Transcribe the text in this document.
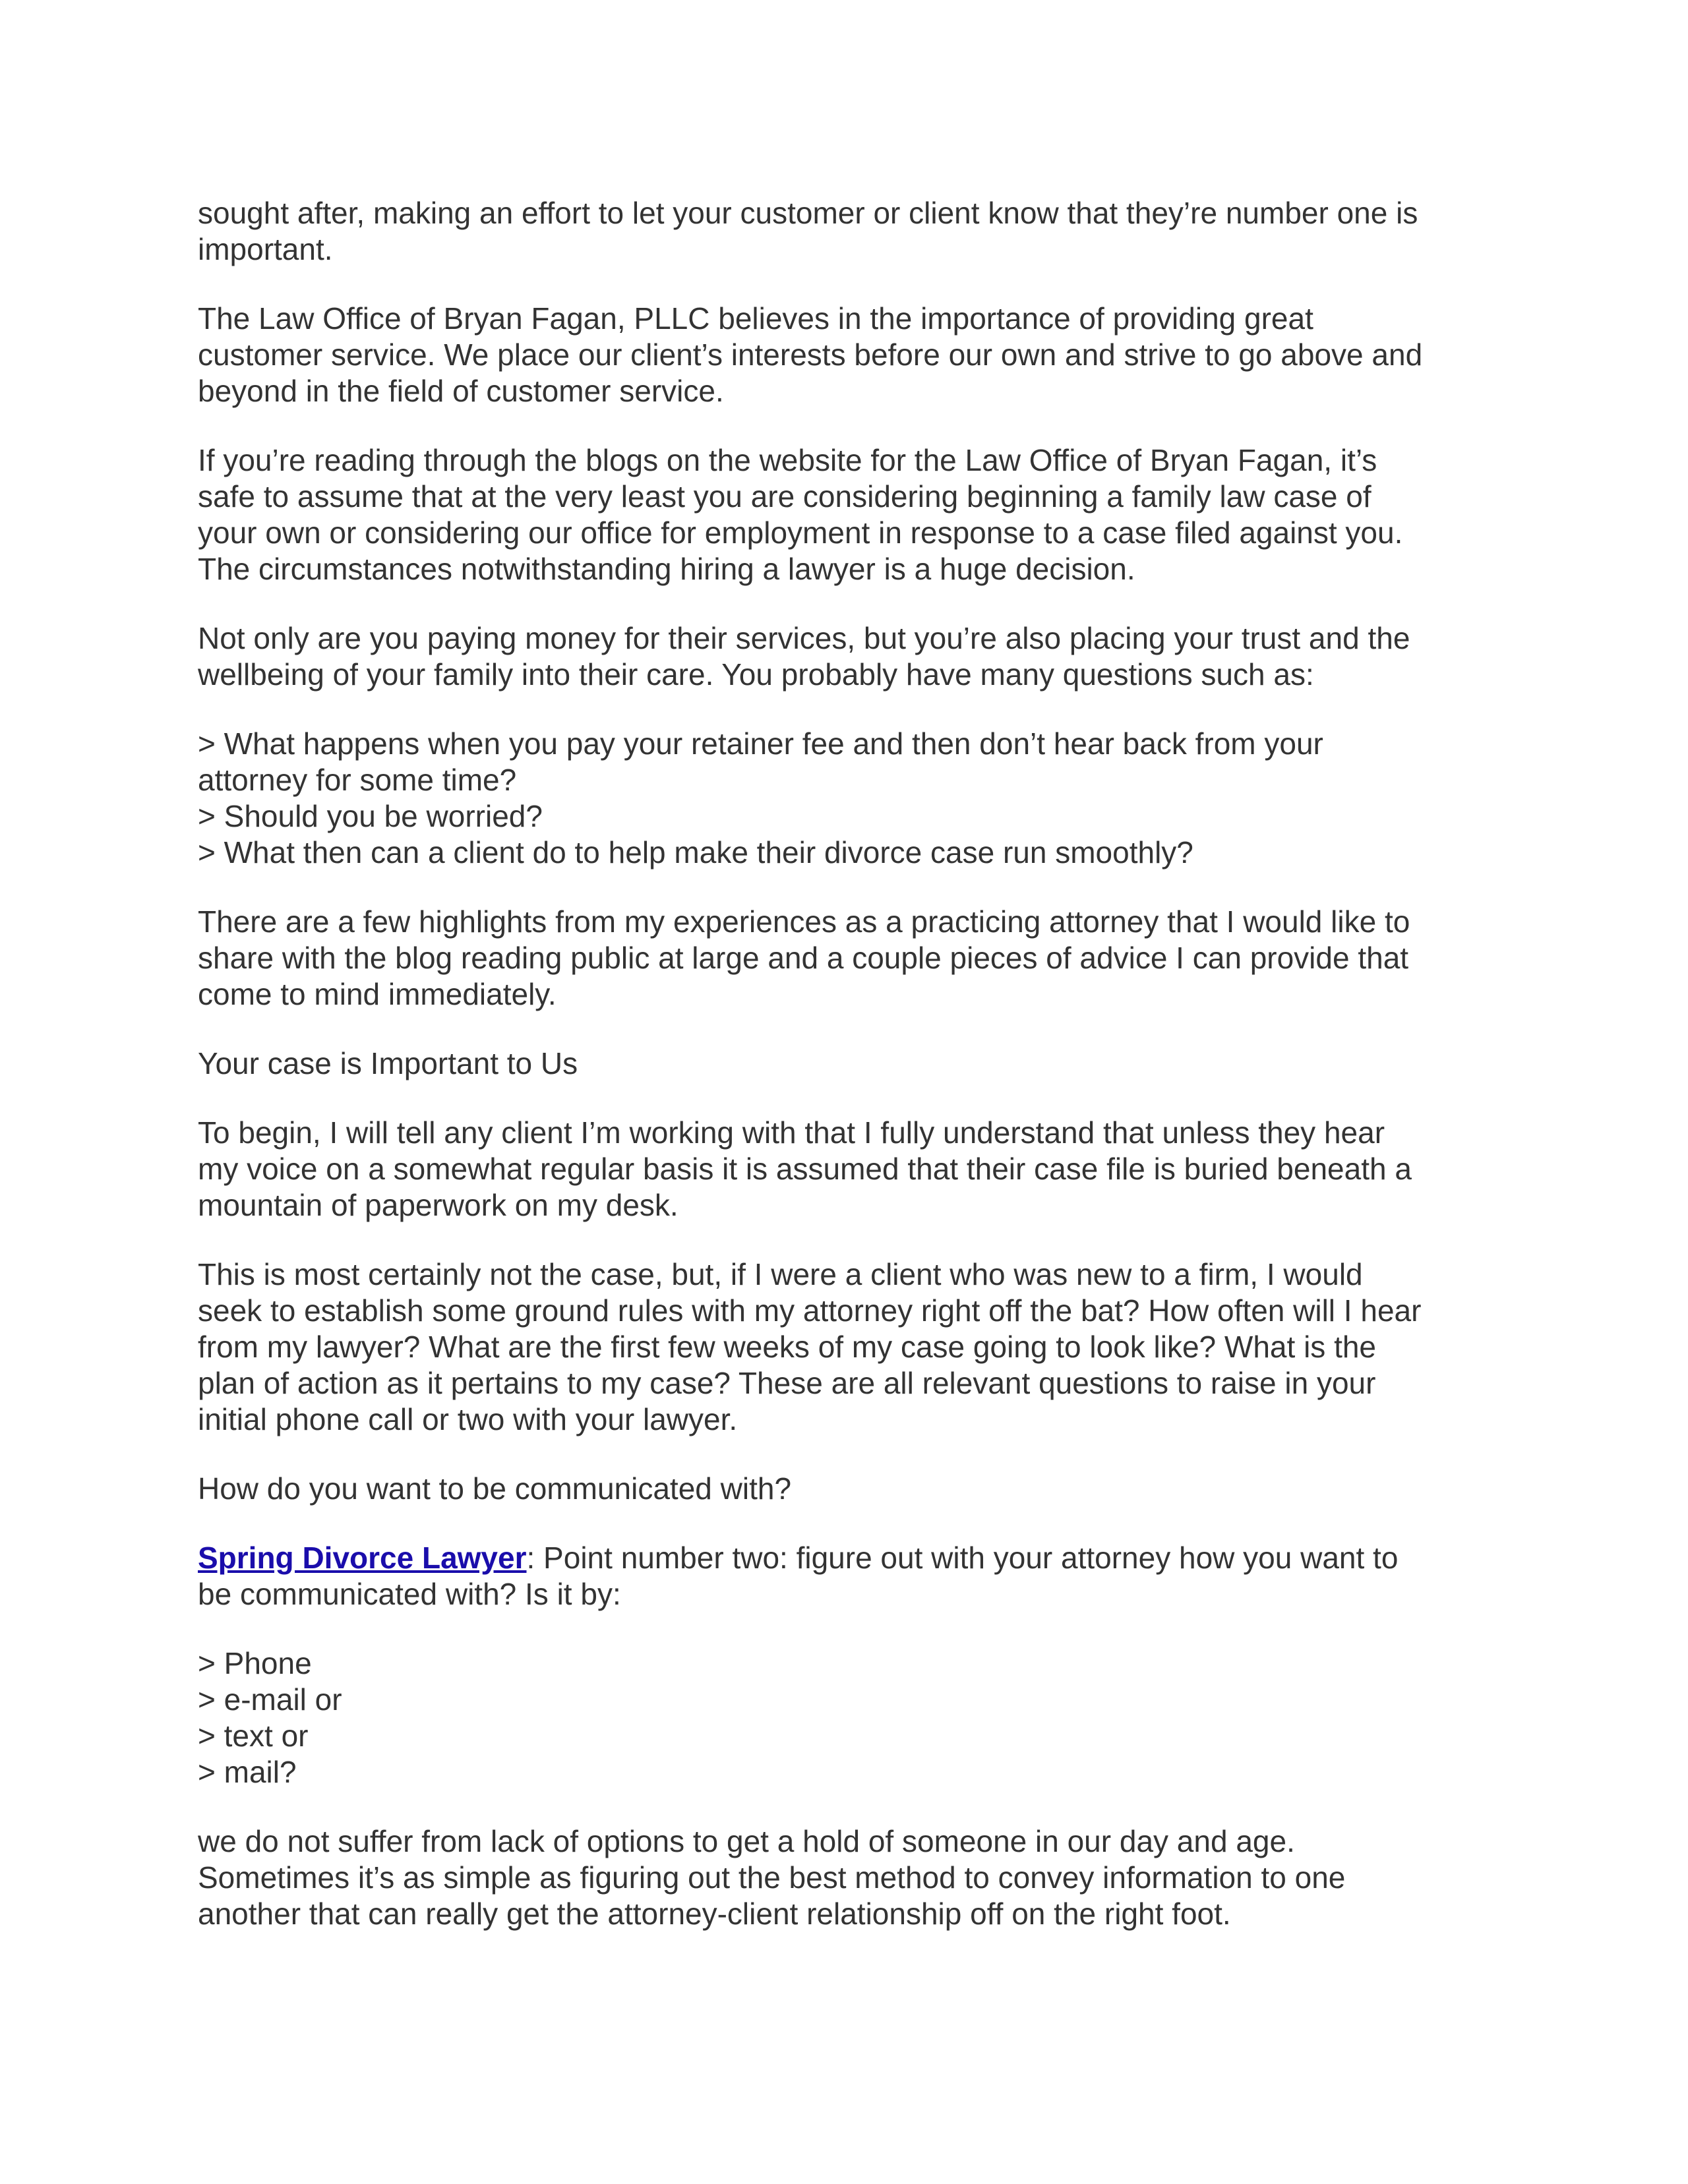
sought after, making an effort to let your customer or client know that they’re number one is
important.

The Law Office of Bryan Fagan, PLLC believes in the importance of providing great
customer service. We place our client’s interests before our own and strive to go above and
beyond in the field of customer service.

If you’re reading through the blogs on the website for the Law Office of Bryan Fagan, it’s
safe to assume that at the very least you are considering beginning a family law case of
your own or considering our office for employment in response to a case filed against you.
The circumstances notwithstanding hiring a lawyer is a huge decision.

Not only are you paying money for their services, but you’re also placing your trust and the
wellbeing of your family into their care. You probably have many questions such as:

> What happens when you pay your retainer fee and then don’t hear back from your
attorney for some time?
> Should you be worried?
> What then can a client do to help make their divorce case run smoothly?

There are a few highlights from my experiences as a practicing attorney that I would like to
share with the blog reading public at large and a couple pieces of advice I can provide that
come to mind immediately.

Your case is Important to Us

To begin, I will tell any client I’m working with that I fully understand that unless they hear
my voice on a somewhat regular basis it is assumed that their case file is buried beneath a
mountain of paperwork on my desk.

This is most certainly not the case, but, if I were a client who was new to a firm, I would
seek to establish some ground rules with my attorney right off the bat? How often will I hear
from my lawyer? What are the first few weeks of my case going to look like? What is the
plan of action as it pertains to my case? These are all relevant questions to raise in your
initial phone call or two with your lawyer.

How do you want to be communicated with?

Spring Divorce Lawyer: Point number two: figure out with your attorney how you want to
be communicated with? Is it by:

> Phone
> e-mail or
> text or
> mail?

we do not suffer from lack of options to get a hold of someone in our day and age.
Sometimes it’s as simple as figuring out the best method to convey information to one
another that can really get the attorney-client relationship off on the right foot.
